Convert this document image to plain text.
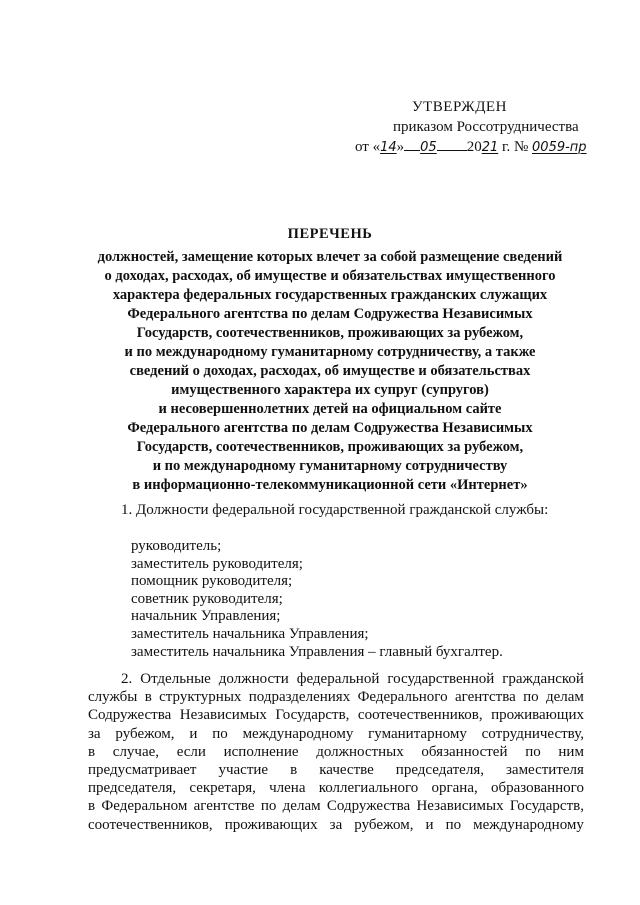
УТВЕРЖДЕН
приказом Россотрудничества
от «14» 05 2021 г. № 0059-пр
ПЕРЕЧЕНЬ
должностей, замещение которых влечет за собой размещение сведений
о доходах, расходах, об имуществе и обязательствах имущественного
характера федеральных государственных гражданских служащих
Федерального агентства по делам Содружества Независимых
Государств, соотечественников, проживающих за рубежом,
и по международному гуманитарному сотрудничеству, а также
сведений о доходах, расходах, об имуществе и обязательствах
имущественного характера их супруг (супругов)
и несовершеннолетних детей на официальном сайте
Федерального агентства по делам Содружества Независимых
Государств, соотечественников, проживающих за рубежом,
и по международному гуманитарному сотрудничеству
в информационно-телекоммуникационной сети «Интернет»
1. Должности федеральной государственной гражданской службы:
руководитель;
заместитель руководителя;
помощник руководителя;
советник руководителя;
начальник Управления;
заместитель начальника Управления;
заместитель начальника Управления – главный бухгалтер.
2. Отдельные должности федеральной государственной гражданской
службы в структурных подразделениях Федерального агентства по делам
Содружества Независимых Государств, соотечественников, проживающих
за рубежом, и по международному гуманитарному сотрудничеству,
в случае, если исполнение должностных обязанностей по ним
предусматривает участие в качестве председателя, заместителя
председателя, секретаря, члена коллегиального органа, образованного
в Федеральном агентстве по делам Содружества Независимых Государств,
соотечественников, проживающих за рубежом, и по международному
